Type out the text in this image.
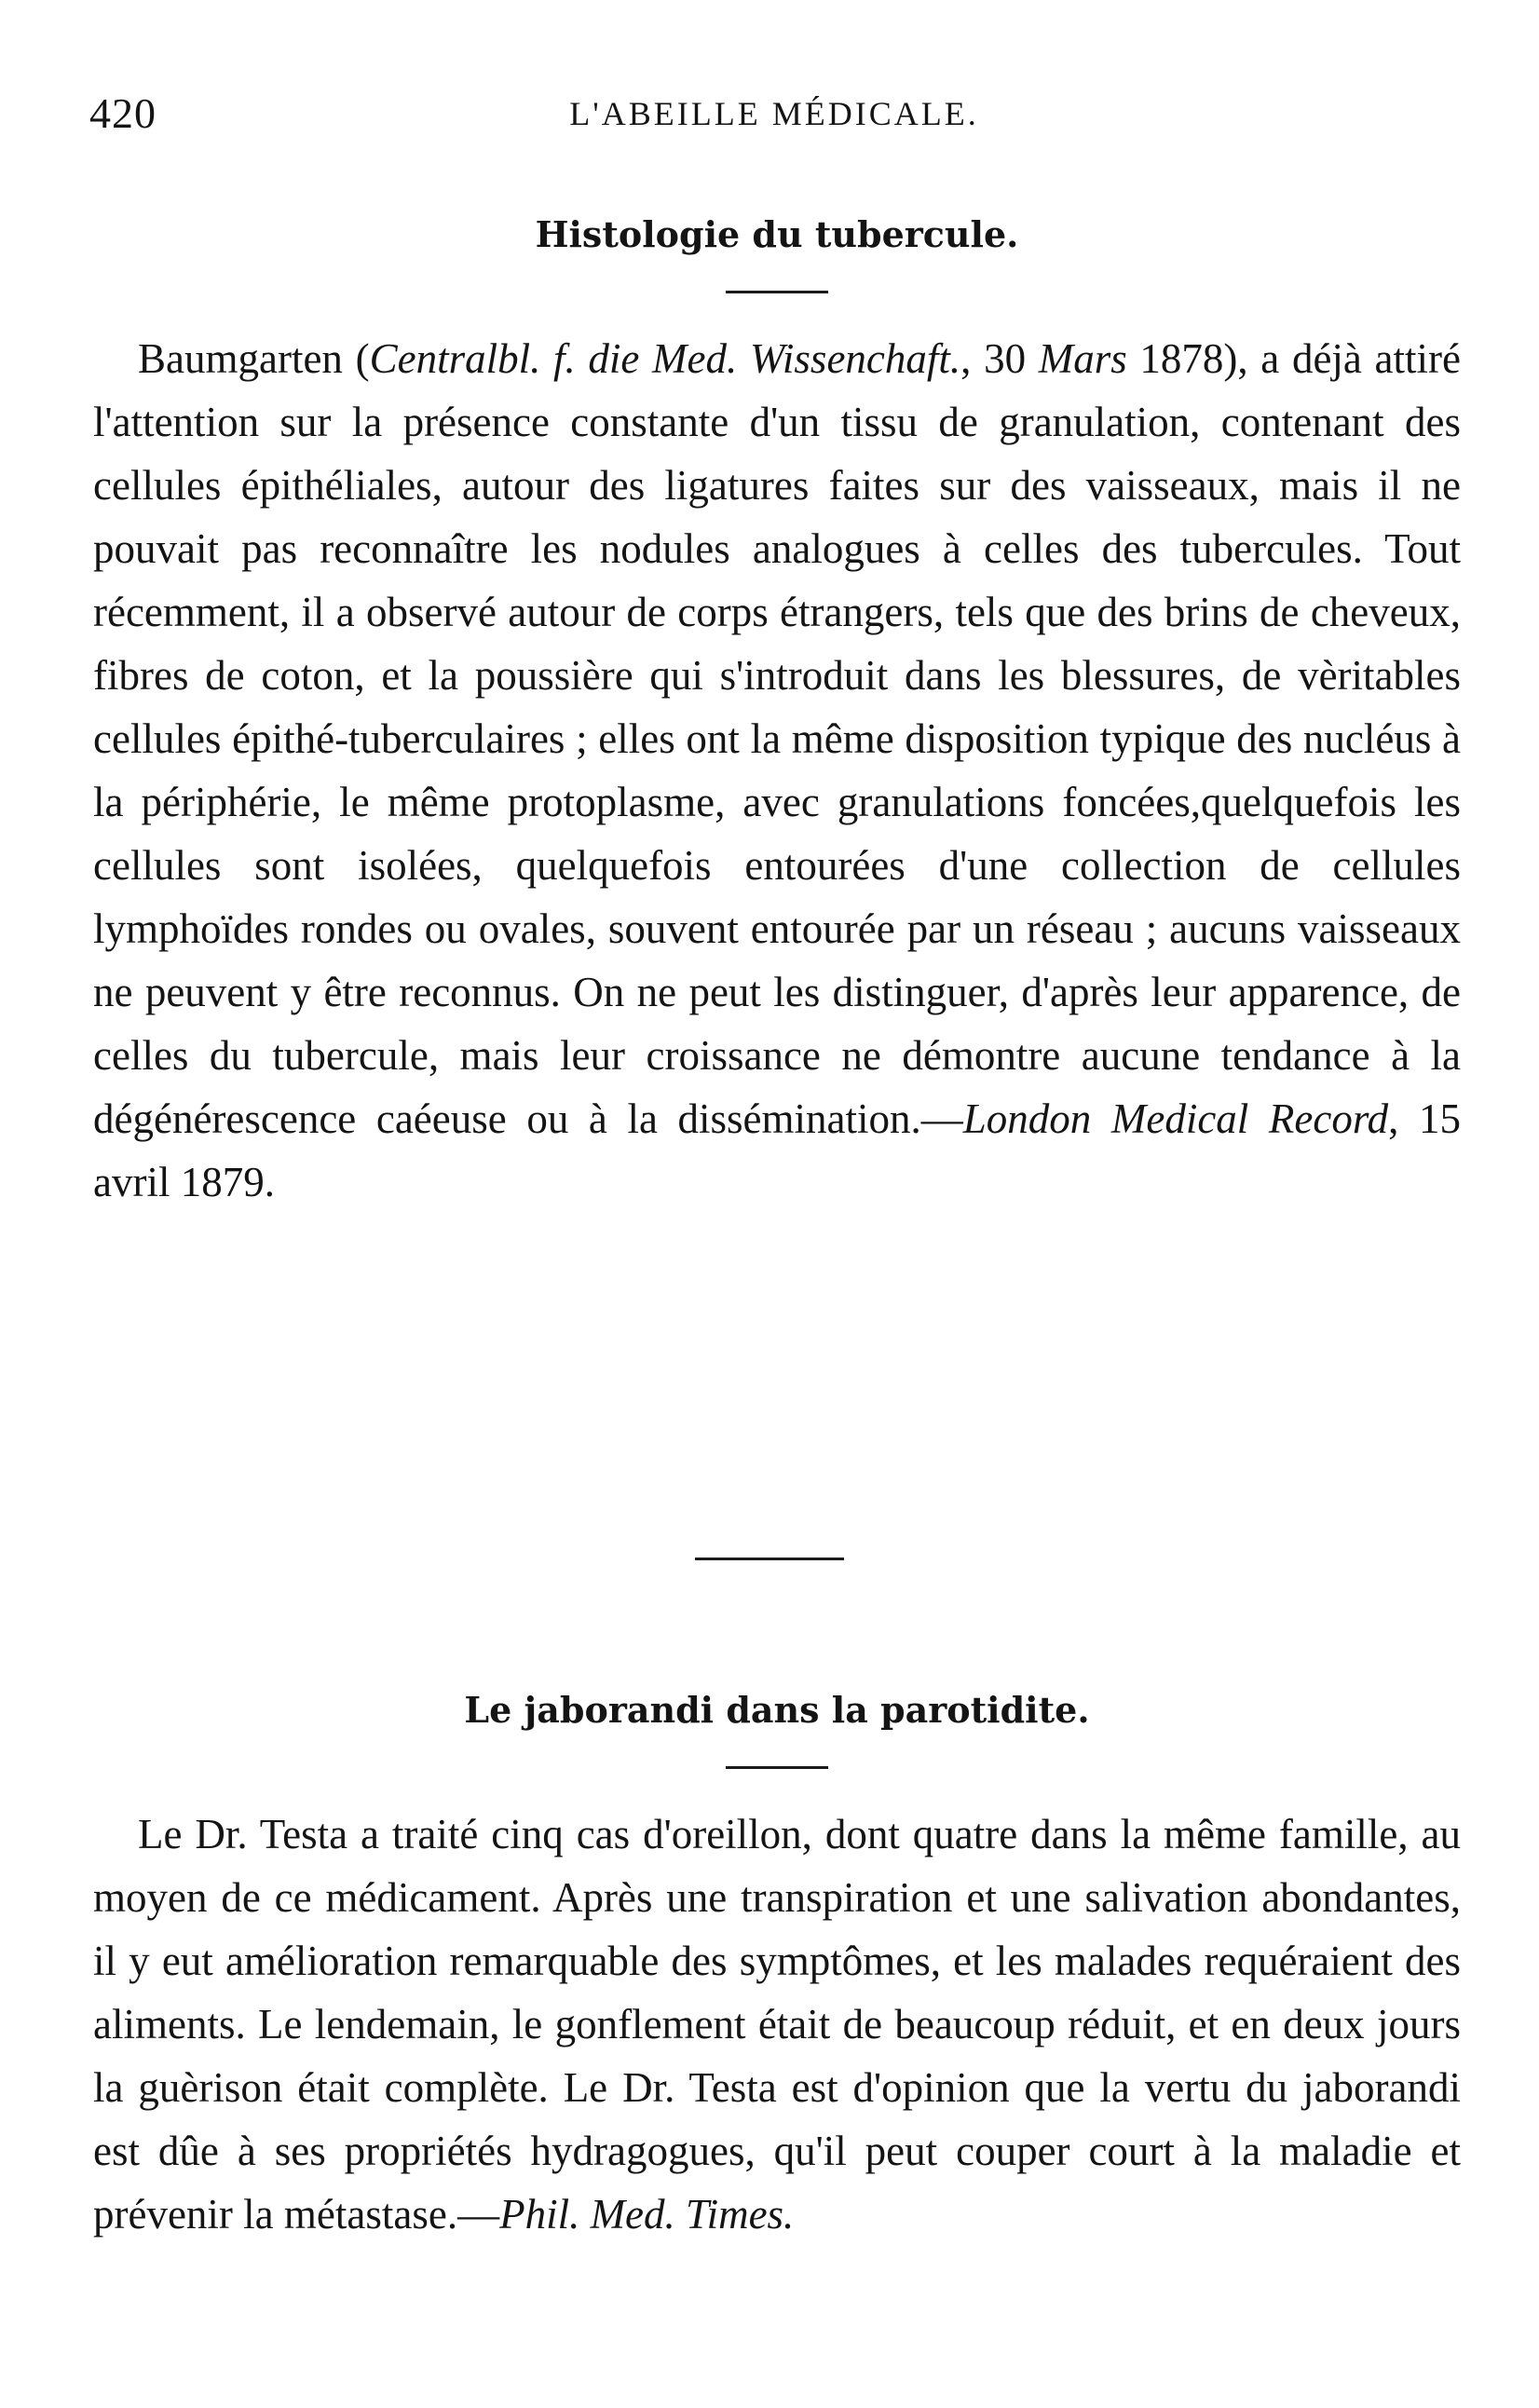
420	L'ABEILLE MÉDICALE.
Histologie du tubercule.

Baumgarten (Centralbl. f. die Med. Wissenchaft., 30 Mars 1878), a déjà attiré l'attention sur la présence constante d'un tissu de granulation, contenant des cellules épithéliales, autour des ligatures faites sur des vaisseaux, mais il ne pouvait pas reconnaître les nodules analogues à celles des tubercules. Tout récemment, il a observé autour de corps étrangers, tels que des brins de cheveux, fibres de coton, et la poussière qui s'introduit dans les blessures, de vèritables cellules épithé-tuberculaires ; elles ont la même disposition typique des nucléus à la périphérie, le même protoplasme, avec granulations foncées,quelquefois les cellules sont isolées, quelquefois entourées d'une collection de cellules lymphoïdes rondes ou ovales, souvent entourée par un réseau ; aucuns vaisseaux ne peuvent y être reconnus. On ne peut les distinguer, d'après leur apparence, de celles du tubercule, mais leur croissance ne démontre aucune tendance à la dégénérescence caéeuse ou à la dissémination.—London Medical Record, 15 avril 1879.

Le jaborandi dans la parotidite.

Le Dr. Testa a traité cinq cas d'oreillon, dont quatre dans la même famille, au moyen de ce médicament. Après une transpiration et une salivation abondantes, il y eut amélioration remarquable des symptômes, et les malades requéraient des aliments. Le lendemain, le gonflement était de beaucoup réduit, et en deux jours la guèrison était complète. Le Dr. Testa est d'opinion que la vertu du jaborandi est dûe à ses propriétés hydragogues, qu'il peut couper court à la maladie et prévenir la métastase.—Phil. Med. Times.
